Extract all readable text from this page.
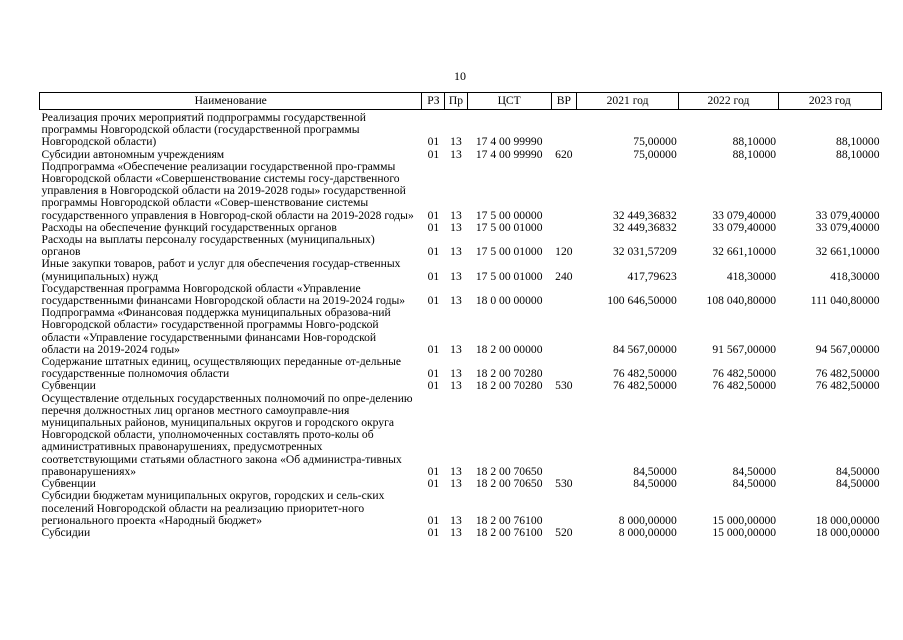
10
Наименование	РЗ	Пр	ЦСТ	ВР	2021 год	2022 год	2023 год
Реализация прочих мероприятий подпрограммы государственной программы Новгородской области (государственной программы Новгородской области)	01	13	17 4 00 99990		75,00000	88,10000	88,10000
Субсидии автономным учреждениям	01	13	17 4 00 99990	620	75,00000	88,10000	88,10000
Подпрограмма «Обеспечение реализации государственной про-граммы Новгородской области «Совершенствование системы госу-дарственного управления в Новгородской области на 2019-2028 годы» государственной программы Новгородской области «Совер-шенствование системы государственного управления в Новгород-ской области на 2019-2028 годы»	01	13	17 5 00 00000		32 449,36832	33 079,40000	33 079,40000
Расходы на обеспечение функций государственных органов	01	13	17 5 00 01000		32 449,36832	33 079,40000	33 079,40000
Расходы на выплаты персоналу государственных (муниципальных) органов	01	13	17 5 00 01000	120	32 031,57209	32 661,10000	32 661,10000
Иные закупки товаров, работ и услуг для обеспечения государ-ственных (муниципальных) нужд	01	13	17 5 00 01000	240	417,79623	418,30000	418,30000
Государственная программа Новгородской области «Управление государственными финансами Новгородской области на 2019-2024 годы»	01	13	18 0 00 00000		100 646,50000	108 040,80000	111 040,80000
Подпрограмма «Финансовая поддержка муниципальных образова-ний Новгородской области» государственной программы Новго-родской области «Управление государственными финансами Нов-городской области на 2019-2024 годы»	01	13	18 2 00 00000		84 567,00000	91 567,00000	94 567,00000
Содержание штатных единиц, осуществляющих переданные от-дельные государственные полномочия области	01	13	18 2 00 70280		76 482,50000	76 482,50000	76 482,50000
Субвенции	01	13	18 2 00 70280	530	76 482,50000	76 482,50000	76 482,50000
Осуществление отдельных государственных полномочий по опре-делению перечня должностных лиц органов местного самоуправле-ния муниципальных районов, муниципальных округов и городского округа Новгородской области, уполномоченных составлять прото-колы об административных правонарушениях, предусмотренных соответствующими статьями областного закона «Об администра-тивных правонарушениях»	01	13	18 2 00 70650		84,50000	84,50000	84,50000
Субвенции	01	13	18 2 00 70650	530	84,50000	84,50000	84,50000
Субсидии бюджетам муниципальных округов, городских и сель-ских поселений Новгородской области на реализацию приоритет-ного регионального проекта «Народный бюджет»	01	13	18 2 00 76100		8 000,00000	15 000,00000	18 000,00000
Субсидии	01	13	18 2 00 76100	520	8 000,00000	15 000,00000	18 000,00000
